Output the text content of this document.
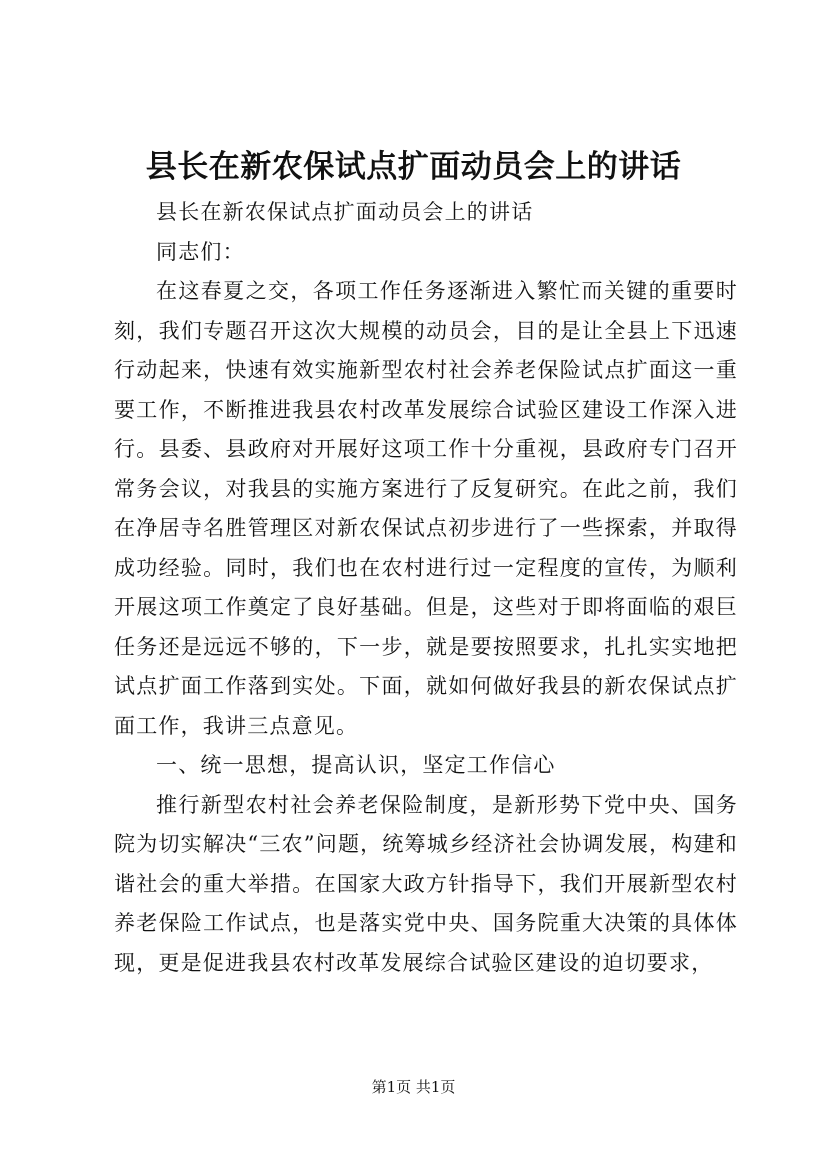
县长在新农保试点扩面动员会上的讲话

县长在新农保试点扩面动员会上的讲话

同志们：

在这春夏之交，各项工作任务逐渐进入繁忙而关键的重要时刻，我们专题召开这次大规模的动员会，目的是让全县上下迅速行动起来，快速有效实施新型农村社会养老保险试点扩面这一重要工作，不断推进我县农村改革发展综合试验区建设工作深入进行。县委、县政府对开展好这项工作十分重视，县政府专门召开常务会议，对我县的实施方案进行了反复研究。在此之前，我们在净居寺名胜管理区对新农保试点初步进行了一些探索，并取得成功经验。同时，我们也在农村进行过一定程度的宣传，为顺利开展这项工作奠定了良好基础。但是，这些对于即将面临的艰巨任务还是远远不够的，下一步，就是要按照要求，扎扎实实地把试点扩面工作落到实处。下面，就如何做好我县的新农保试点扩面工作，我讲三点意见。

一、统一思想，提高认识，坚定工作信心

推行新型农村社会养老保险制度，是新形势下党中央、国务院为切实解决“三农”问题，统筹城乡经济社会协调发展，构建和谐社会的重大举措。在国家大政方针指导下，我们开展新型农村养老保险工作试点，也是落实党中央、国务院重大决策的具体体现，更是促进我县农村改革发展综合试验区建设的迫切要求，

第1页 共1页
